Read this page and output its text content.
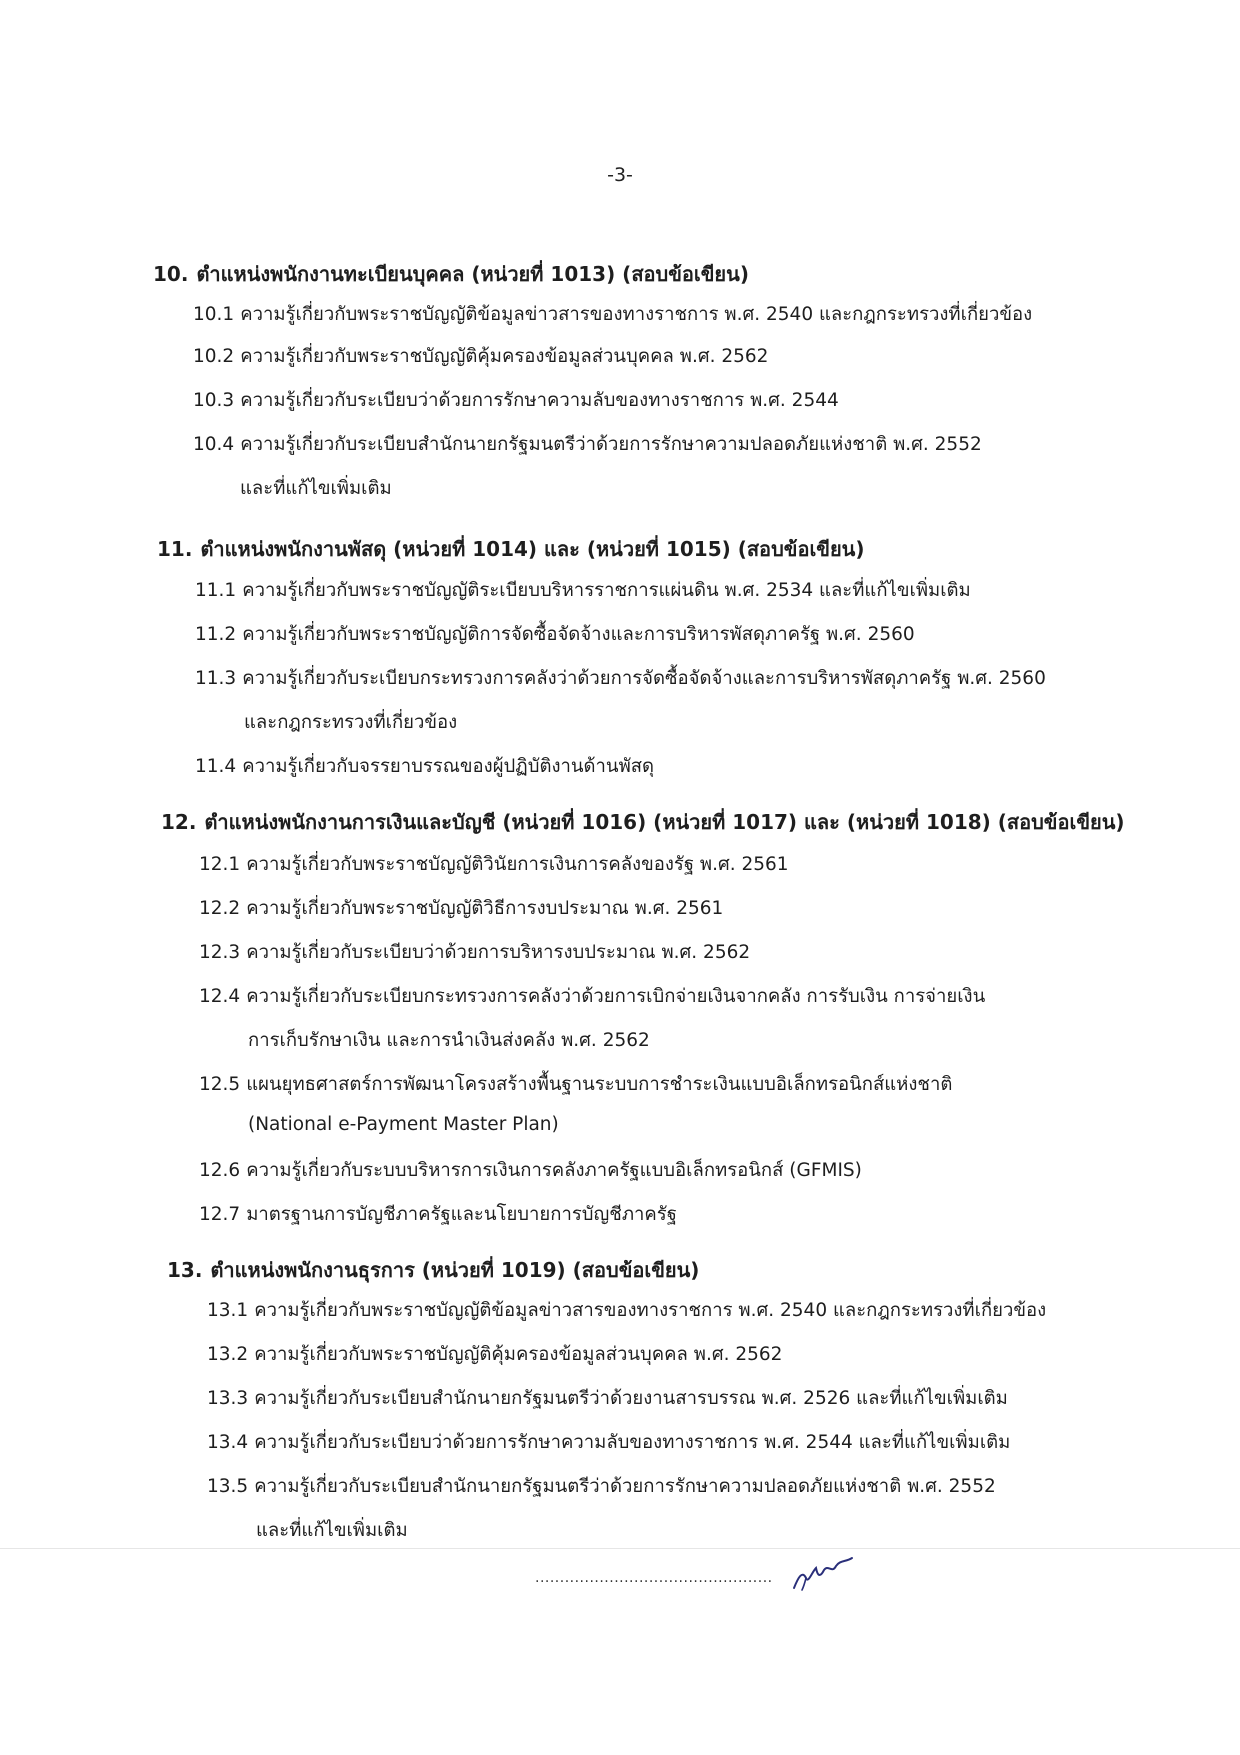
-3-
10. ตำแหน่งพนักงานทะเบียนบุคคล (หน่วยที่ 1013) (สอบข้อเขียน)
10.1 ความรู้เกี่ยวกับพระราชบัญญัติข้อมูลข่าวสารของทางราชการ พ.ศ. 2540 และกฎกระทรวงที่เกี่ยวข้อง
10.2 ความรู้เกี่ยวกับพระราชบัญญัติคุ้มครองข้อมูลส่วนบุคคล พ.ศ. 2562
10.3 ความรู้เกี่ยวกับระเบียบว่าด้วยการรักษาความลับของทางราชการ พ.ศ. 2544
10.4 ความรู้เกี่ยวกับระเบียบสำนักนายกรัฐมนตรีว่าด้วยการรักษาความปลอดภัยแห่งชาติ พ.ศ. 2552
และที่แก้ไขเพิ่มเติม
11. ตำแหน่งพนักงานพัสดุ (หน่วยที่ 1014) และ (หน่วยที่ 1015) (สอบข้อเขียน)
11.1 ความรู้เกี่ยวกับพระราชบัญญัติระเบียบบริหารราชการแผ่นดิน พ.ศ. 2534 และที่แก้ไขเพิ่มเติม
11.2 ความรู้เกี่ยวกับพระราชบัญญัติการจัดซื้อจัดจ้างและการบริหารพัสดุภาครัฐ พ.ศ. 2560
11.3 ความรู้เกี่ยวกับระเบียบกระทรวงการคลังว่าด้วยการจัดซื้อจัดจ้างและการบริหารพัสดุภาครัฐ พ.ศ. 2560
และกฎกระทรวงที่เกี่ยวข้อง
11.4 ความรู้เกี่ยวกับจรรยาบรรณของผู้ปฏิบัติงานด้านพัสดุ
12. ตำแหน่งพนักงานการเงินและบัญชี (หน่วยที่ 1016) (หน่วยที่ 1017) และ (หน่วยที่ 1018) (สอบข้อเขียน)
12.1 ความรู้เกี่ยวกับพระราชบัญญัติวินัยการเงินการคลังของรัฐ พ.ศ. 2561
12.2 ความรู้เกี่ยวกับพระราชบัญญัติวิธีการงบประมาณ พ.ศ. 2561
12.3 ความรู้เกี่ยวกับระเบียบว่าด้วยการบริหารงบประมาณ พ.ศ. 2562
12.4 ความรู้เกี่ยวกับระเบียบกระทรวงการคลังว่าด้วยการเบิกจ่ายเงินจากคลัง การรับเงิน การจ่ายเงิน
การเก็บรักษาเงิน และการนำเงินส่งคลัง พ.ศ. 2562
12.5 แผนยุทธศาสตร์การพัฒนาโครงสร้างพื้นฐานระบบการชำระเงินแบบอิเล็กทรอนิกส์แห่งชาติ
(National e-Payment Master Plan)
12.6 ความรู้เกี่ยวกับระบบบริหารการเงินการคลังภาครัฐแบบอิเล็กทรอนิกส์ (GFMIS)
12.7 มาตรฐานการบัญชีภาครัฐและนโยบายการบัญชีภาครัฐ
13. ตำแหน่งพนักงานธุรการ (หน่วยที่ 1019) (สอบข้อเขียน)
13.1 ความรู้เกี่ยวกับพระราชบัญญัติข้อมูลข่าวสารของทางราชการ พ.ศ. 2540 และกฎกระทรวงที่เกี่ยวข้อง
13.2 ความรู้เกี่ยวกับพระราชบัญญัติคุ้มครองข้อมูลส่วนบุคคล พ.ศ. 2562
13.3 ความรู้เกี่ยวกับระเบียบสำนักนายกรัฐมนตรีว่าด้วยงานสารบรรณ พ.ศ. 2526 และที่แก้ไขเพิ่มเติม
13.4 ความรู้เกี่ยวกับระเบียบว่าด้วยการรักษาความลับของทางราชการ พ.ศ. 2544 และที่แก้ไขเพิ่มเติม
13.5 ความรู้เกี่ยวกับระเบียบสำนักนายกรัฐมนตรีว่าด้วยการรักษาความปลอดภัยแห่งชาติ พ.ศ. 2552
และที่แก้ไขเพิ่มเติม
................................................
